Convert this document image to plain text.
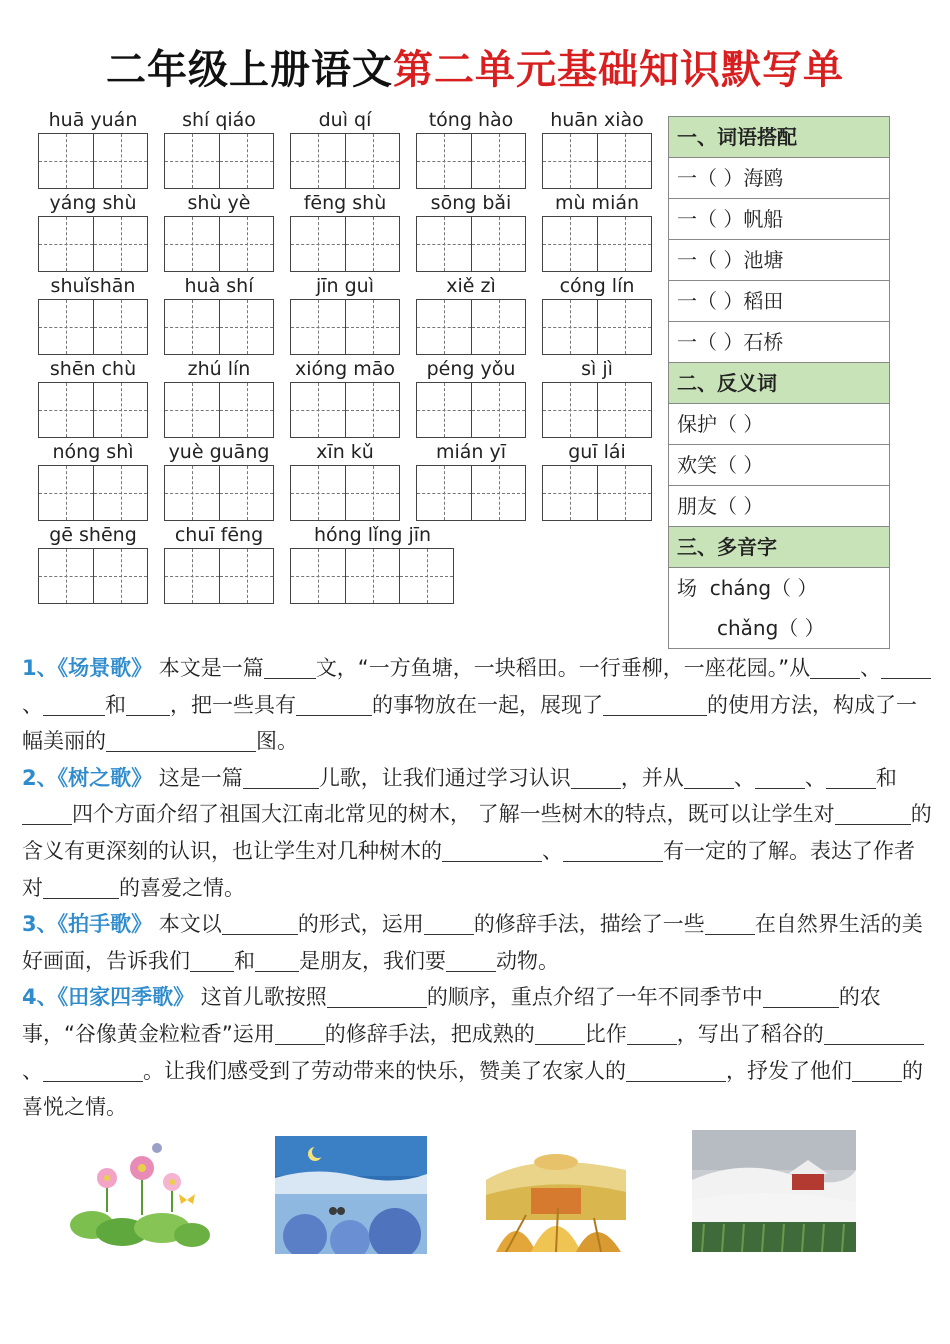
二年级上册语文第二单元基础知识默写单
huā yuán	shí qiáo	duì qí	tóng hào	huān xiào
yáng shù	shù yè	fēng shù	sōng bǎi	mù mián
shuǐshān	huà shí	jīn guì	xiě zì	cóng lín
shēn chù	zhú lín	xióng māo	péng yǒu	sì jì
nóng shì	yuè guāng	xīn kǔ	mián yī	guī lái
gē shēng	chuī fēng	hóng lǐng jīn
一、词语搭配
一（ ）海鸥
一（ ）帆船
一（ ）池塘
一（ ）稻田
一（ ）石桥
二、反义词
保护（ ）
欢笑（ ）
朋友（ ）
三、多音字
场 cháng（ ）
chǎng（ ）

1、《场景歌》 本文是一篇 文，“一方鱼塘，一块稻田。一行垂柳，一座花园。”从 、、	和 ，把一些具有	的事物放在一起，展现了	的使用方法，构成了一幅美丽的	图。

2、《树之歌》 这是一篇	儿歌，让我们通过学习认识 ，并从 、 、 和四个方面介绍了祖国大江南北常见的树木， 了解一些树木的特点，既可以让学生对	的含义有更深刻的认识，也让学生对几种树木的	、	有一定的了解。表达了作者对	的喜爱之情。

3、《拍手歌》 本文以	的形式，运用 的修辞手法，描绘了一些 在自然界生活的美好画面，告诉我们 和 是朋友，我们要 动物。

4、《田家四季歌》 这首儿歌按照	的顺序，重点介绍了一年不同季节中	的农事，“谷像黄金粒粒香”运用 的修辞手法，把成熟的 比作 ，写出了稻谷的、	。让我们感受到了劳动带来的快乐，赞美了农家人的	，抒发了他们 的喜悦之情。
